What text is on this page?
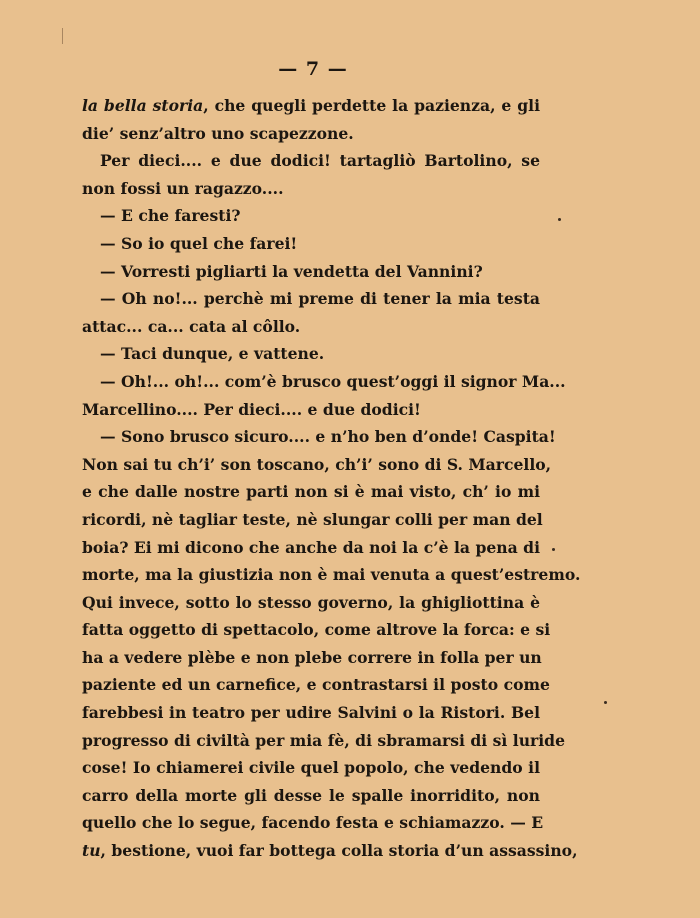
— 7 —
la bella storia, che quegli perdette la pazienza, e gli
die’ senz’altro uno scapezzone.
Per dieci.... e due dodici! tartagliò Bartolino, se
non fossi un ragazzo....
— E che faresti?
— So io quel che farei!
— Vorresti pigliarti la vendetta del Vannini?
— Oh no!... perchè mi preme di tener la mia testa
attac... ca... cata al côllo.
— Taci dunque, e vattene.
— Oh!... oh!... com’è brusco quest’oggi il signor Ma...
Marcellino.... Per dieci.... e due dodici!
— Sono brusco sicuro.... e n’ho ben d’onde! Caspita!
Non sai tu ch’i’ son toscano, ch’i’ sono di S. Marcello,
e che dalle nostre parti non si è mai visto, ch’ io mi
ricordi, nè tagliar teste, nè slungar colli per man del
boia? Ei mi dicono che anche da noi la c’è la pena di
morte, ma la giustizia non è mai venuta a quest’estremo.
Qui invece, sotto lo stesso governo, la ghigliottina è
fatta oggetto di spettacolo, come altrove la forca: e si
ha a vedere plèbe e non plebe correre in folla per un
paziente ed un carnefice, e contrastarsi il posto come
farebbesi in teatro per udire Salvini o la Ristori. Bel
progresso di civiltà per mia fè, di sbramarsi di sì luride
cose! Io chiamerei civile quel popolo, che vedendo il
carro della morte gli desse le spalle inorridito, non
quello che lo segue, facendo festa e schiamazzo. — E
tu, bestione, vuoi far bottega colla storia d’un assassino,
